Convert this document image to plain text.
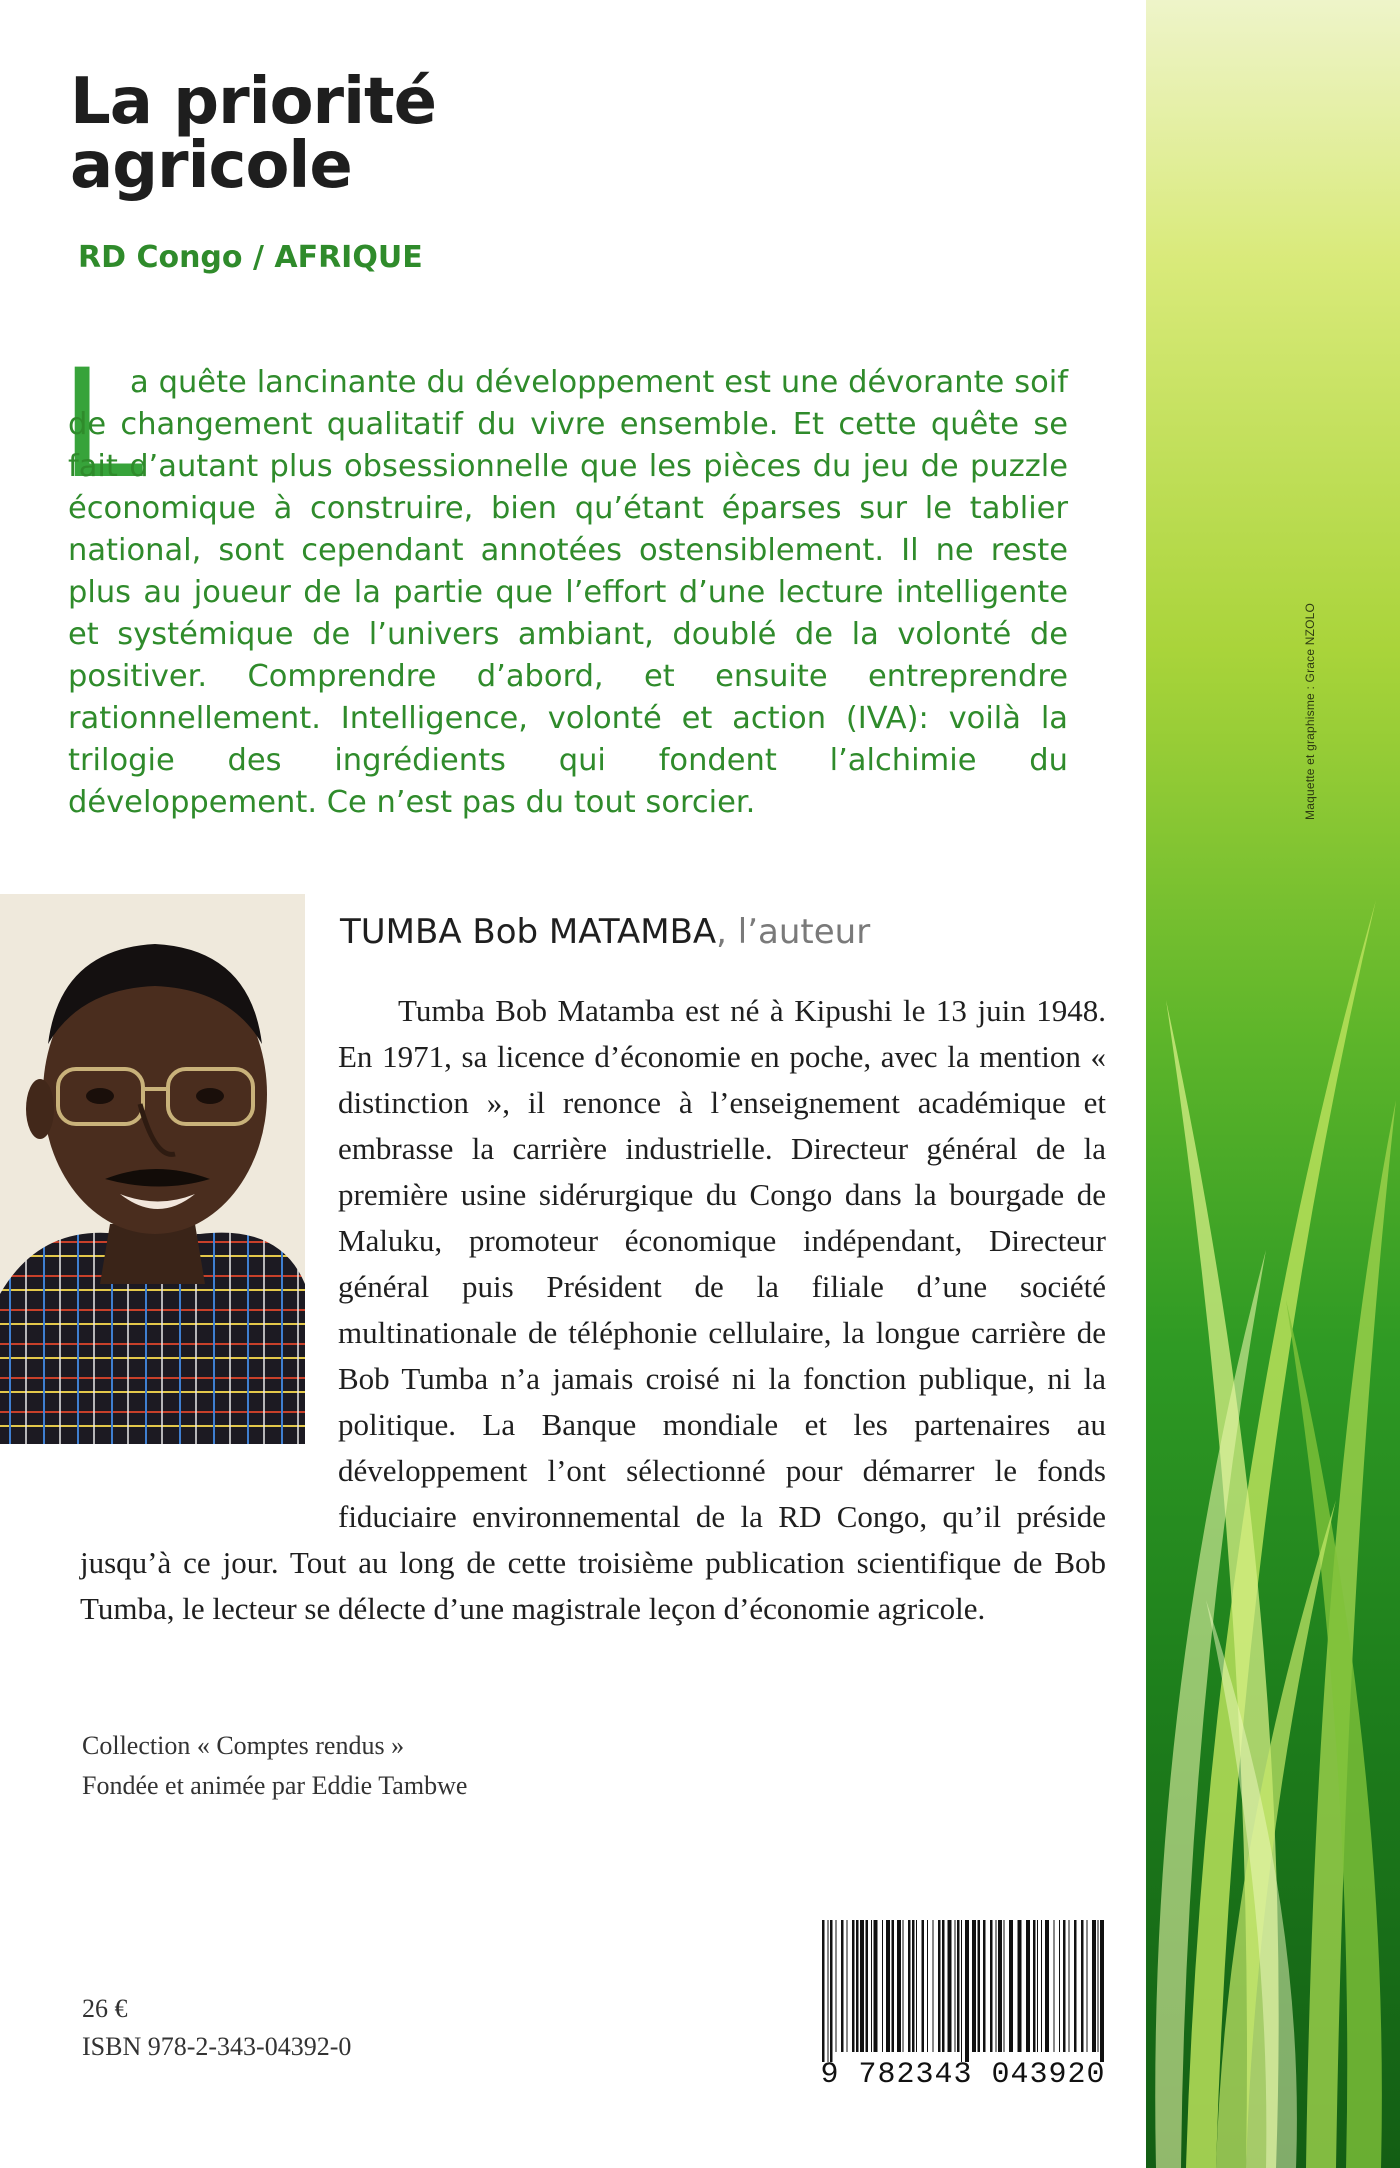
La priorité
agricole
RD Congo / AFRIQUE
L

a quête lancinante du développement est une dévorante soif de changement qualitatif du vivre ensemble. Et cette quête se fait d’autant plus obsessionnelle que les pièces du jeu de puzzle économique à construire, bien qu’étant éparses sur le tablier national, sont cependant annotées ostensiblement. Il ne reste plus au joueur de la partie que l’effort d’une lecture intelligente et systémique de l’univers ambiant, doublé de la volonté de positiver. Comprendre d’abord, et ensuite entreprendre rationnellement. Intelligence, volonté et action (IVA): voilà la trilogie des ingrédients qui fondent l’alchimie du développement. Ce n’est pas du tout sorcier.

TUMBA Bob MATAMBA, l’auteur
Tumba Bob Matamba est né à Kipushi le 13 juin 1948. En 1971, sa licence d’économie en poche, avec la mention « distinction », il renonce à l’enseignement académique et embrasse la carrière industrielle. Directeur général de la première usine sidérurgique du Congo dans la bourgade de Maluku, promoteur économique indépendant, Directeur général puis Président de la filiale d’une société multinationale de téléphonie cellulaire, la longue carrière de Bob Tumba n’a jamais croisé ni la fonction publique, ni la politique. La Banque mondiale et les partenaires au développement l’ont sélectionné pour démarrer le fonds fiduciaire environnemental de la RD Congo, qu’il préside jusqu’à ce jour. Tout au long de cette troisième publication scientifique de Bob Tumba, le lecteur se délecte d’une magistrale leçon d’économie agricole.
Collection « Comptes rendus »
Fondée et animée par Eddie Tambwe
26 €
ISBN 978-2-343-04392-0
9 782343 043920
Maquette et graphisme : Grace NZOLO
